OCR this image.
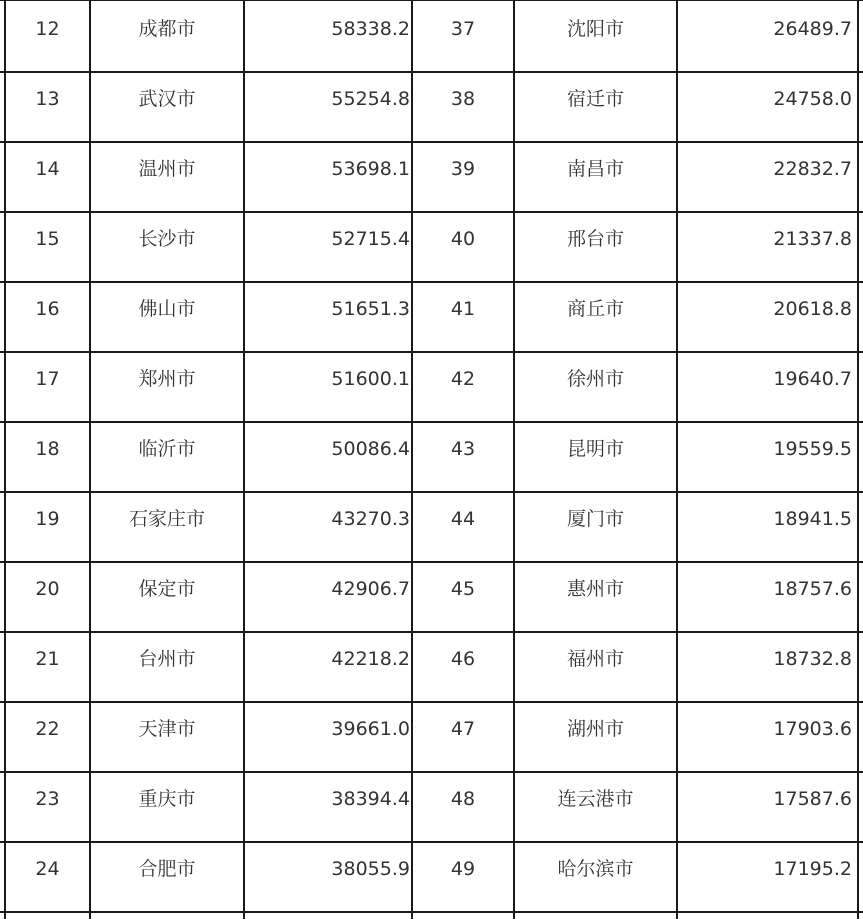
12	成都市	58338.2	37	沈阳市	26489.7
13	武汉市	55254.8	38	宿迁市	24758.0
14	温州市	53698.1	39	南昌市	22832.7
15	长沙市	52715.4	40	邢台市	21337.8
16	佛山市	51651.3	41	商丘市	20618.8
17	郑州市	51600.1	42	徐州市	19640.7
18	临沂市	50086.4	43	昆明市	19559.5
19	石家庄市	43270.3	44	厦门市	18941.5
20	保定市	42906.7	45	惠州市	18757.6
21	台州市	42218.2	46	福州市	18732.8
22	天津市	39661.0	47	湖州市	17903.6
23	重庆市	38394.4	48	连云港市	17587.6
24	合肥市	38055.9	49	哈尔滨市	17195.2
